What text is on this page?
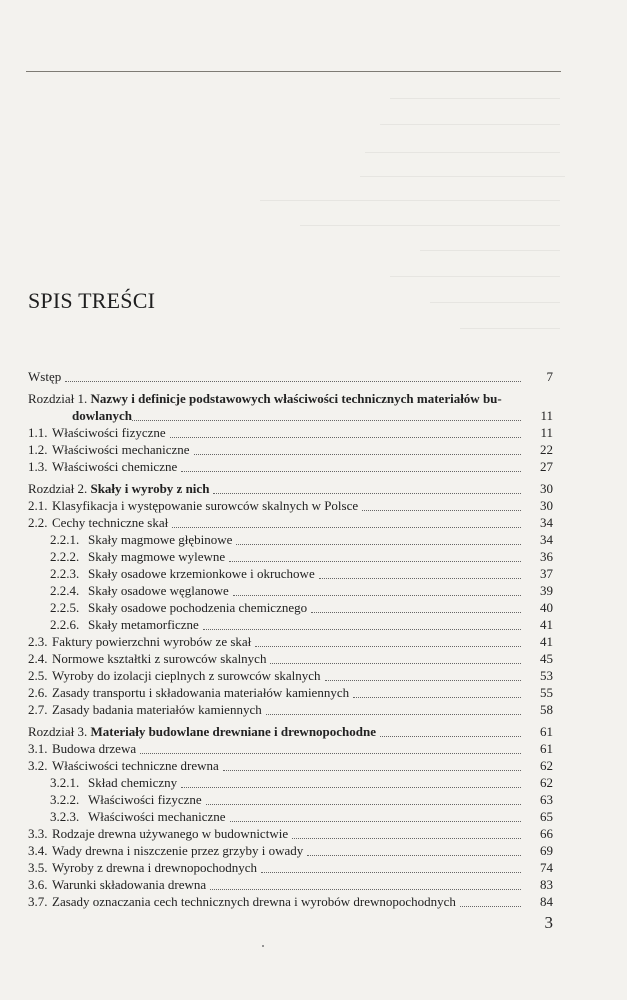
SPIS TREŚCI
Wstęp	7
Rozdział 1. Nazwy i definicje podstawowych właściwości technicznych materiałów bu-
dowlanych	11
1.1. Właściwości fizyczne	11
1.2. Właściwości mechaniczne	22
1.3. Właściwości chemiczne	27
Rozdział 2. Skały i wyroby z nich	30
2.1. Klasyfikacja i występowanie surowców skalnych w Polsce	30
2.2. Cechy techniczne skał	34
2.2.1. Skały magmowe głębinowe	34
2.2.2. Skały magmowe wylewne	36
2.2.3. Skały osadowe krzemionkowe i okruchowe	37
2.2.4. Skały osadowe węglanowe	39
2.2.5. Skały osadowe pochodzenia chemicznego	40
2.2.6. Skały metamorficzne	41
2.3. Faktury powierzchni wyrobów ze skał	41
2.4. Normowe kształtki z surowców skalnych	45
2.5. Wyroby do izolacji cieplnych z surowców skalnych	53
2.6. Zasady transportu i składowania materiałów kamiennych	55
2.7. Zasady badania materiałów kamiennych	58
Rozdział 3. Materiały budowlane drewniane i drewnopochodne	61
3.1. Budowa drzewa	61
3.2. Właściwości techniczne drewna	62
3.2.1. Skład chemiczny	62
3.2.2. Właściwości fizyczne	63
3.2.3. Właściwości mechaniczne	65
3.3. Rodzaje drewna używanego w budownictwie	66
3.4. Wady drewna i niszczenie przez grzyby i owady	69
3.5. Wyroby z drewna i drewnopochodnych	74
3.6. Warunki składowania drewna	83
3.7. Zasady oznaczania cech technicznych drewna i wyrobów drewnopochodnych	84
3
